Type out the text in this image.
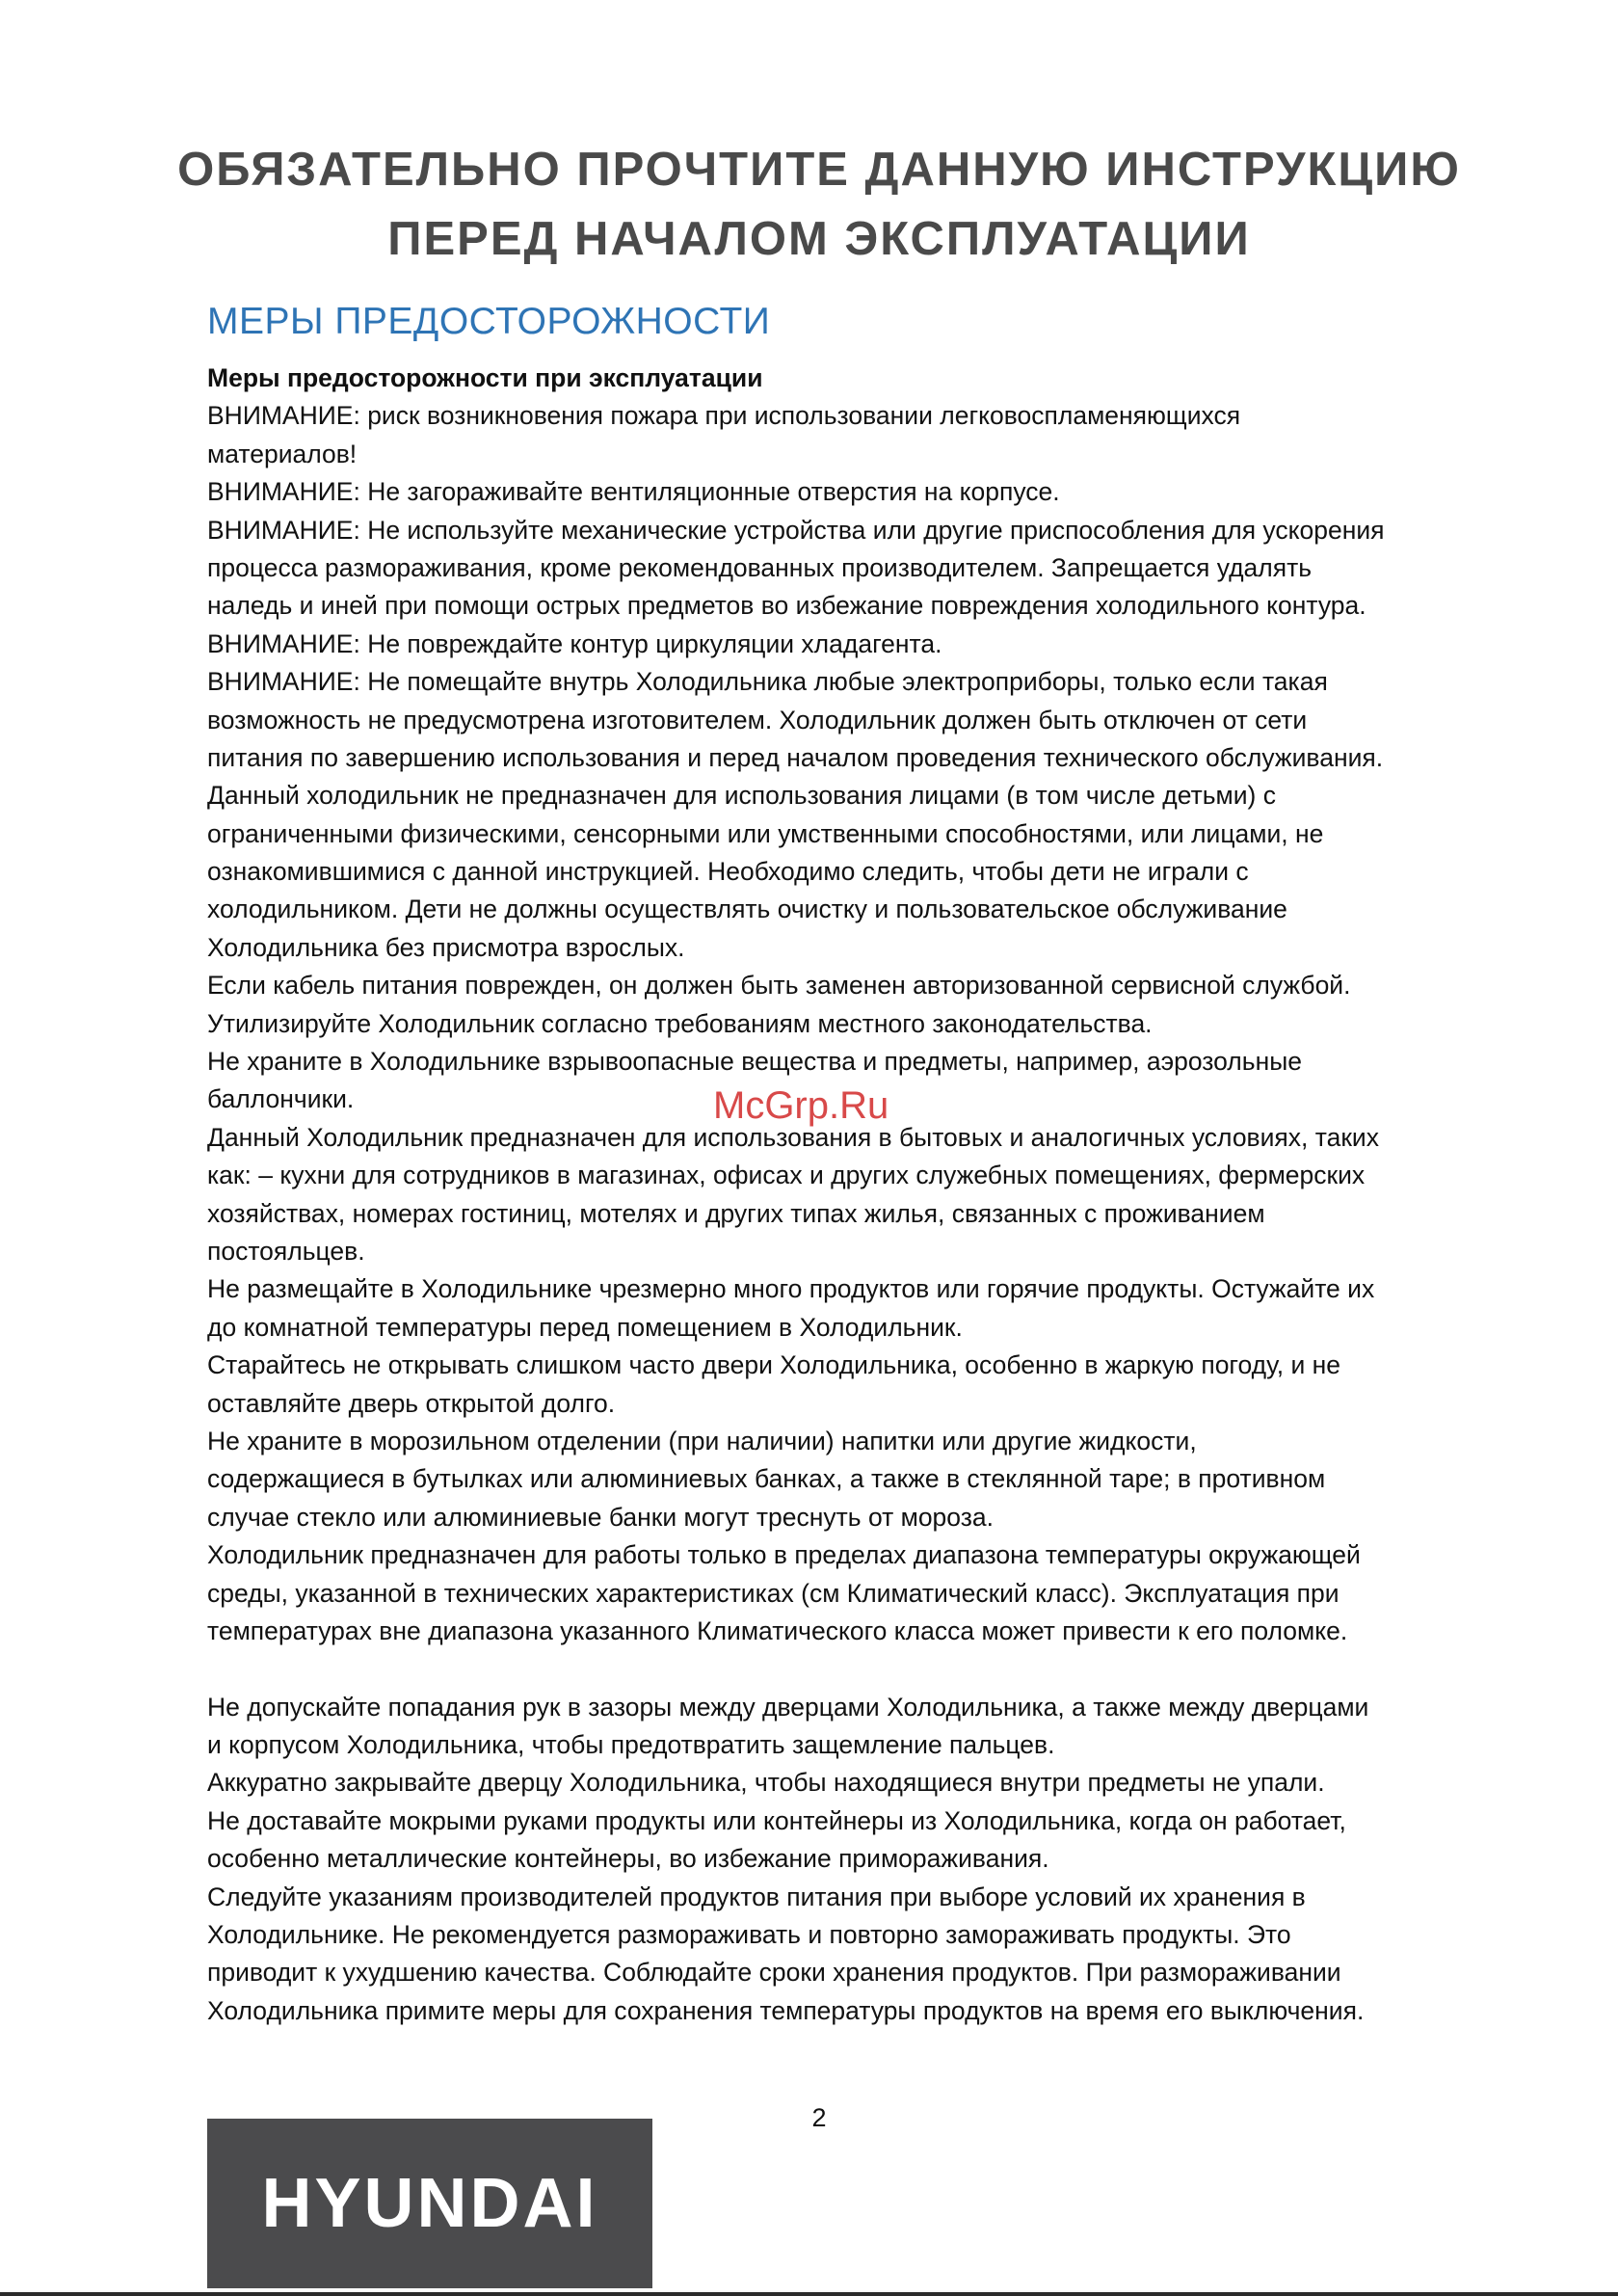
ОБЯЗАТЕЛЬНО ПРОЧТИТЕ ДАННУЮ ИНСТРУКЦИЮ
ПЕРЕД НАЧАЛОМ ЭКСПЛУАТАЦИИ
МЕРЫ ПРЕДОСТОРОЖНОСТИ
Меры предосторожности при эксплуатации
ВНИМАНИЕ: риск возникновения пожара при использовании легковоспламеняющихся
материалов!
ВНИМАНИЕ: Не загораживайте вентиляционные отверстия на корпусе.
ВНИМАНИЕ: Не используйте механические устройства или другие приспособления для ускорения
процесса размораживания, кроме рекомендованных производителем. Запрещается удалять
наледь и иней при помощи острых предметов во избежание повреждения холодильного контура.
ВНИМАНИЕ: Не повреждайте контур циркуляции хладагента.
ВНИМАНИЕ: Не помещайте внутрь Холодильника любые электроприборы, только если такая
возможность не предусмотрена изготовителем. Холодильник должен быть отключен от сети
питания по завершению использования и перед началом проведения технического обслуживания.
Данный холодильник не предназначен для использования лицами (в том числе детьми) с
ограниченными физическими, сенсорными или умственными способностями, или лицами, не
ознакомившимися с данной инструкцией. Необходимо следить, чтобы дети не играли с
холодильником. Дети не должны осуществлять очистку и пользовательское обслуживание
Холодильника без присмотра взрослых.
Если кабель питания поврежден, он должен быть заменен авторизованной сервисной службой.
Утилизируйте Холодильник согласно требованиям местного законодательства.
Не храните в Холодильнике взрывоопасные вещества и предметы, например, аэрозольные
баллончики.
Данный Холодильник предназначен для использования в бытовых и аналогичных условиях, таких
как: – кухни для сотрудников в магазинах, офисах и других служебных помещениях, фермерских
хозяйствах, номерах гостиниц, мотелях и других типах жилья, связанных с проживанием
постояльцев.
Не размещайте в Холодильнике чрезмерно много продуктов или горячие продукты. Остужайте их
до комнатной температуры перед помещением в Холодильник.
Старайтесь не открывать слишком часто двери Холодильника, особенно в жаркую погоду, и не
оставляйте дверь открытой долго.
Не храните в морозильном отделении (при наличии) напитки или другие жидкости,
содержащиеся в бутылках или алюминиевых банках, а также в стеклянной таре; в противном
случае стекло или алюминиевые банки могут треснуть от мороза.
Холодильник предназначен для работы только в пределах диапазона температуры окружающей
среды, указанной в технических характеристиках (см Климатический класс). Эксплуатация при
температурах вне диапазона указанного Климатического класса может привести к его поломке.
Не допускайте попадания рук в зазоры между дверцами Холодильника, а также между дверцами
и корпусом Холодильника, чтобы предотвратить защемление пальцев.
Аккуратно закрывайте дверцу Холодильника, чтобы находящиеся внутри предметы не упали.
Не доставайте мокрыми руками продукты или контейнеры из Холодильника, когда он работает,
особенно металлические контейнеры, во избежание примораживания.
Следуйте указаниям производителей продуктов питания при выборе условий их хранения в
Холодильнике. Не рекомендуется размораживать и повторно замораживать продукты. Это
приводит к ухудшению качества. Соблюдайте сроки хранения продуктов. При размораживании
Холодильника примите меры для сохранения температуры продуктов на время его выключения.
McGrp.Ru
2
HYUNDAI
